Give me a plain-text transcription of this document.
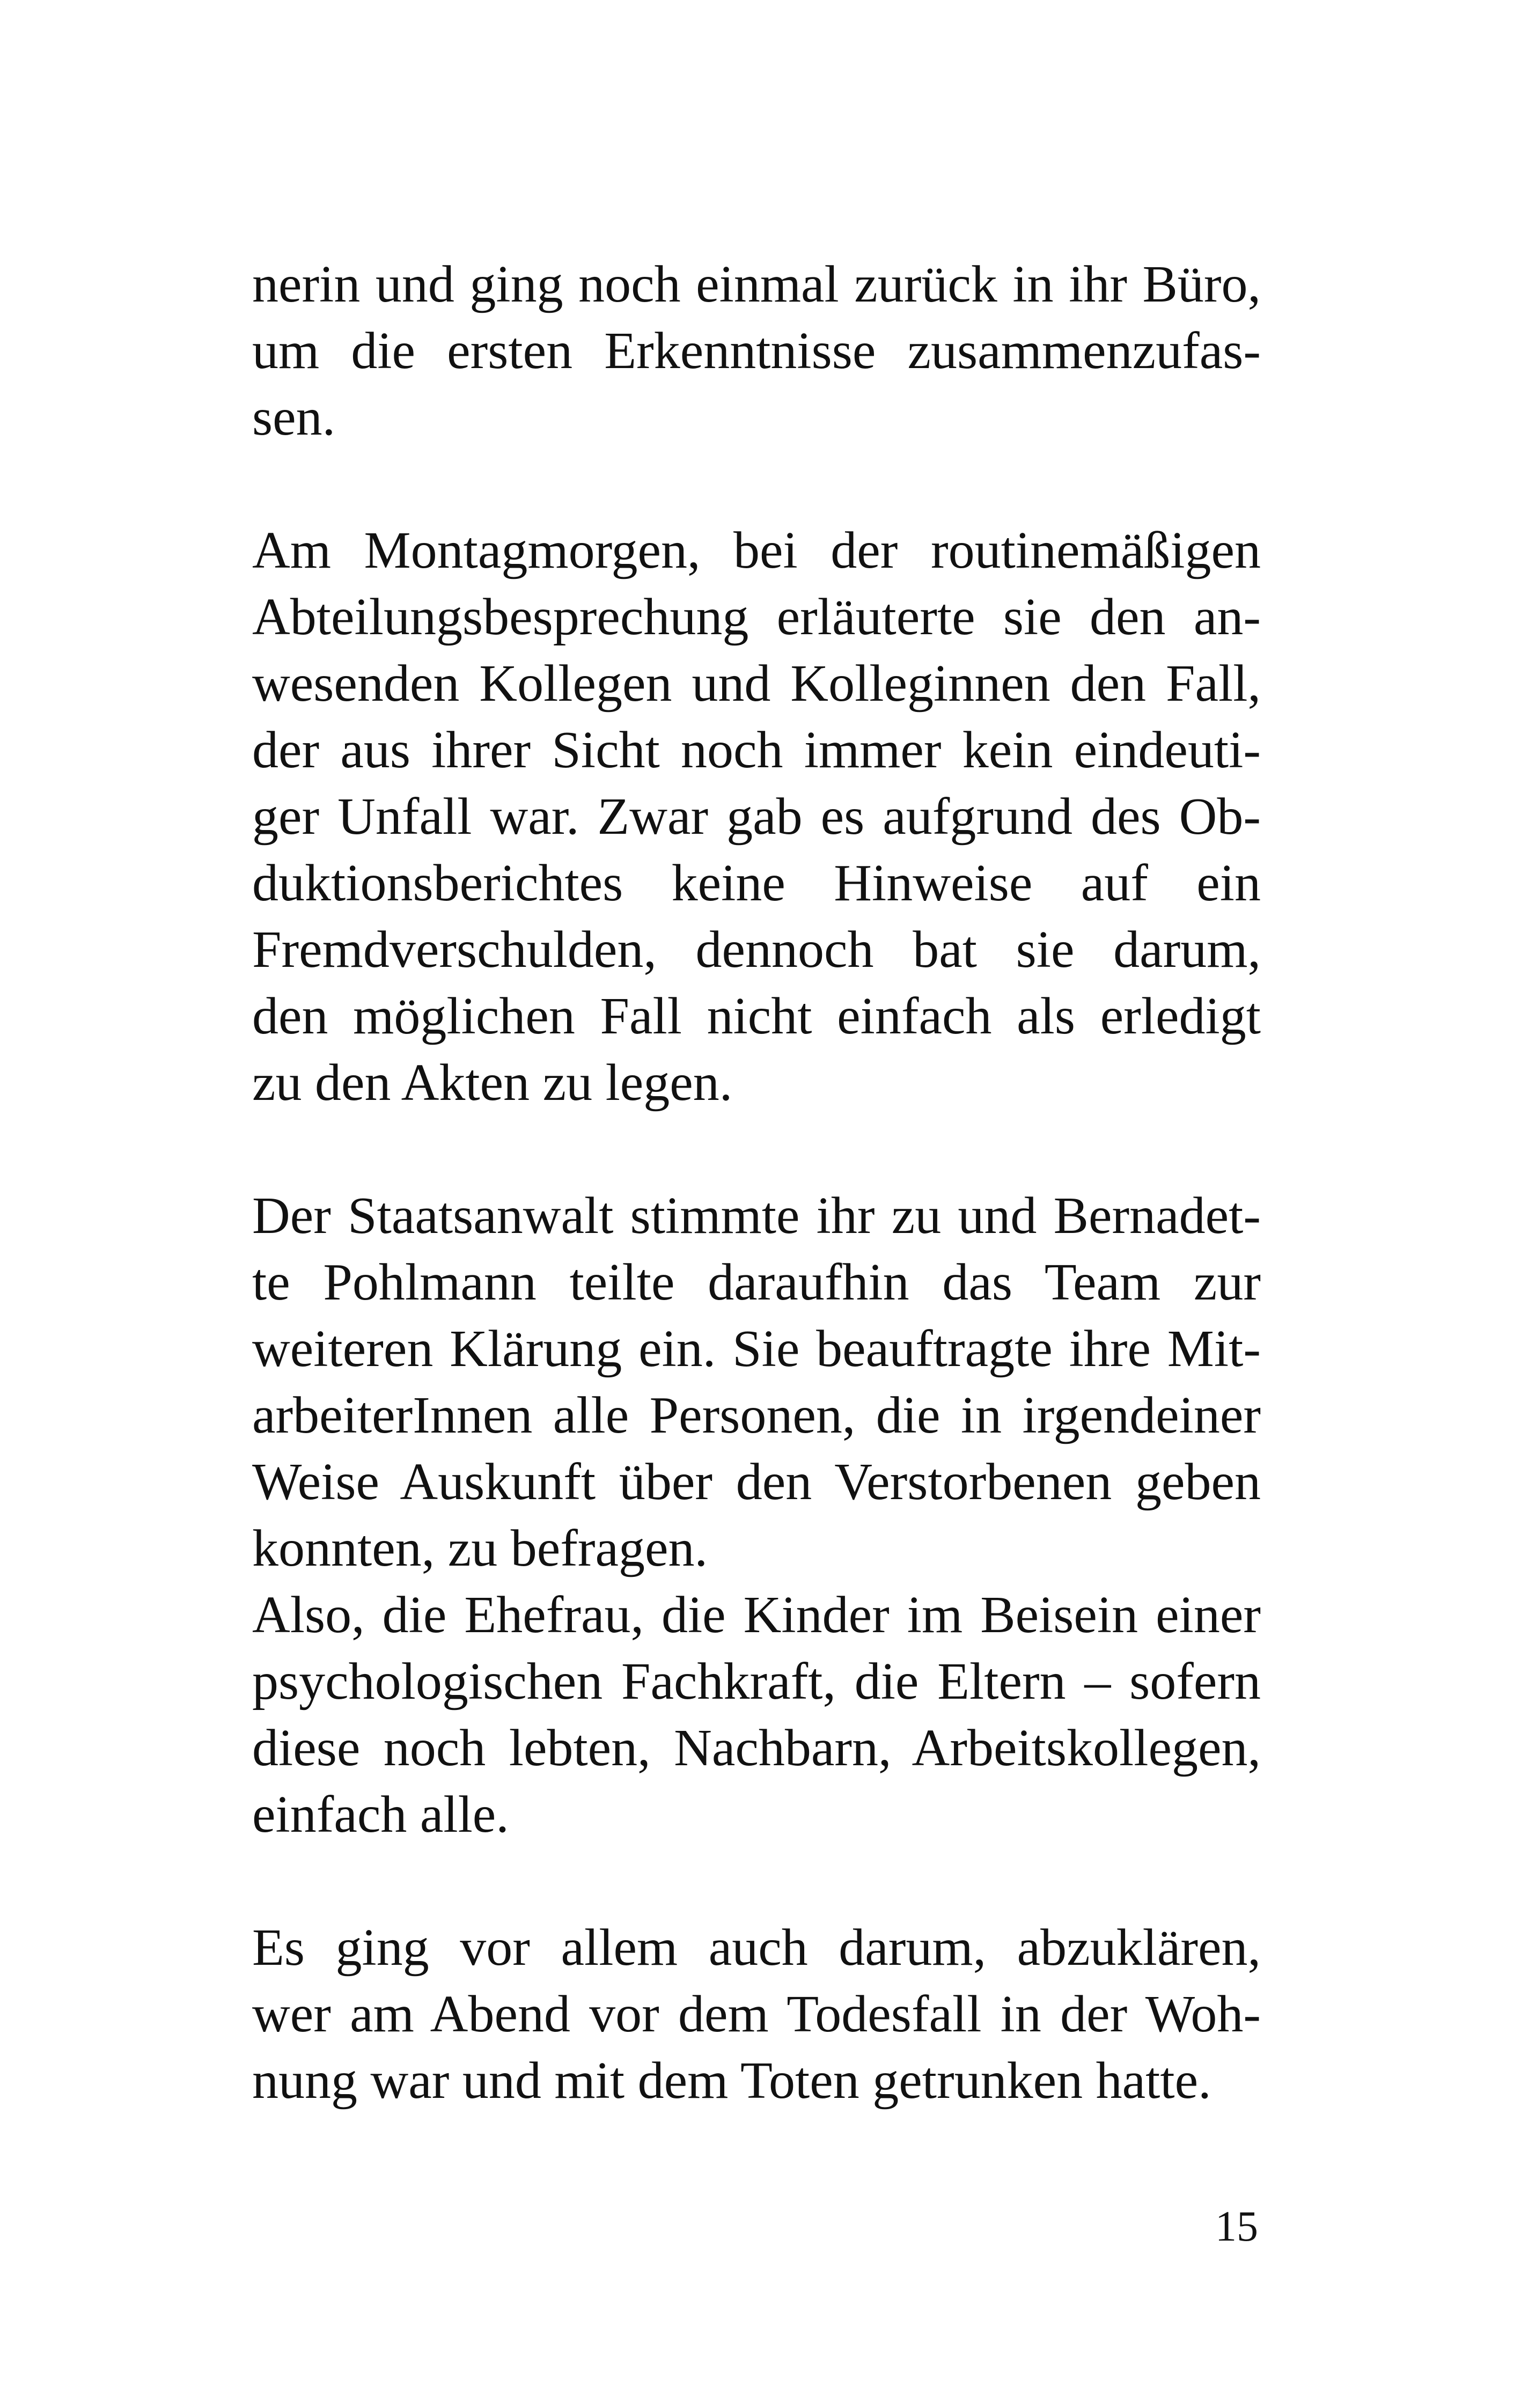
nerin und ging noch einmal zurück in ihr Büro,
um die ersten Erkenntnisse zusammenzufas-
sen.
Am Montagmorgen, bei der routinemäßigen
Abteilungsbesprechung erläuterte sie den an-
wesenden Kollegen und Kolleginnen den Fall,
der aus ihrer Sicht noch immer kein eindeuti-
ger Unfall war. Zwar gab es aufgrund des Ob-
duktionsberichtes keine Hinweise auf ein
Fremdverschulden, dennoch bat sie darum,
den möglichen Fall nicht einfach als erledigt
zu den Akten zu legen.
Der Staatsanwalt stimmte ihr zu und Bernadet-
te Pohlmann teilte daraufhin das Team zur
weiteren Klärung ein. Sie beauftragte ihre Mit-
arbeiterInnen alle Personen, die in irgendeiner
Weise Auskunft über den Verstorbenen geben
konnten, zu befragen.
Also, die Ehefrau, die Kinder im Beisein einer
psychologischen Fachkraft, die Eltern – sofern
diese noch lebten, Nachbarn, Arbeitskollegen,
einfach alle.
Es ging vor allem auch darum, abzuklären,
wer am Abend vor dem Todesfall in der Woh-
nung war und mit dem Toten getrunken hatte.
15
